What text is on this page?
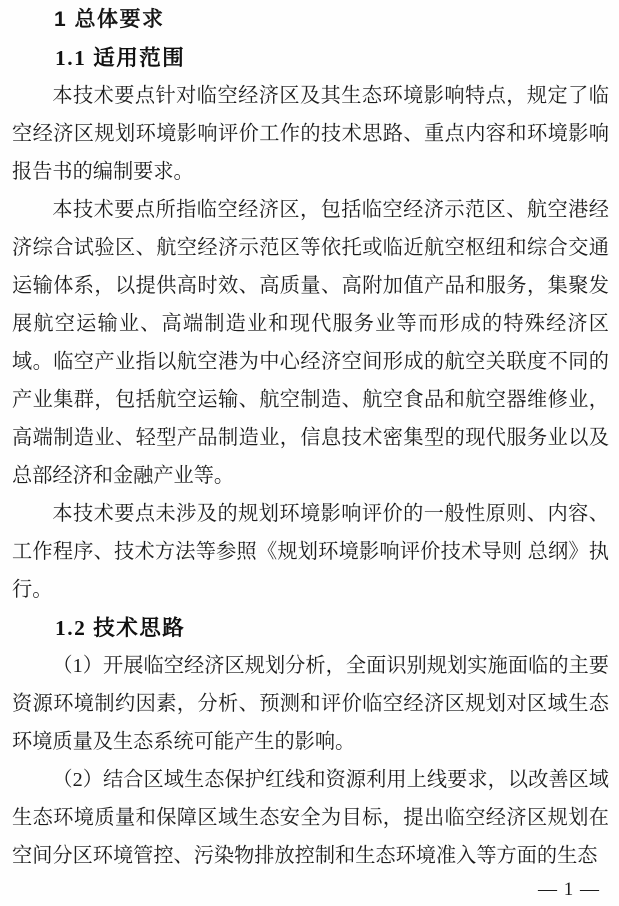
1 总体要求
1.1 适用范围

本技术要点针对临空经济区及其生态环境影响特点，规定了临空经济区规划环境影响评价工作的技术思路、重点内容和环境影响报告书的编制要求。

本技术要点所指临空经济区，包括临空经济示范区、航空港经济综合试验区、航空经济示范区等依托或临近航空枢纽和综合交通运输体系，以提供高时效、高质量、高附加值产品和服务，集聚发展航空运输业、高端制造业和现代服务业等而形成的特殊经济区域。临空产业指以航空港为中心经济空间形成的航空关联度不同的产业集群，包括航空运输、航空制造、航空食品和航空器维修业，高端制造业、轻型产品制造业，信息技术密集型的现代服务业以及总部经济和金融产业等。

本技术要点未涉及的规划环境影响评价的一般性原则、内容、工作程序、技术方法等参照《规划环境影响评价技术导则 总纲》执行。

1.2 技术思路

（1）开展临空经济区规划分析，全面识别规划实施面临的主要资源环境制约因素，分析、预测和评价临空经济区规划对区域生态环境质量及生态系统可能产生的影响。

（2）结合区域生态保护红线和资源利用上线要求，以改善区域生态环境质量和保障区域生态安全为目标，提出临空经济区规划在空间分区环境管控、污染物排放控制和生态环境准入等方面的生态

— 1 —
